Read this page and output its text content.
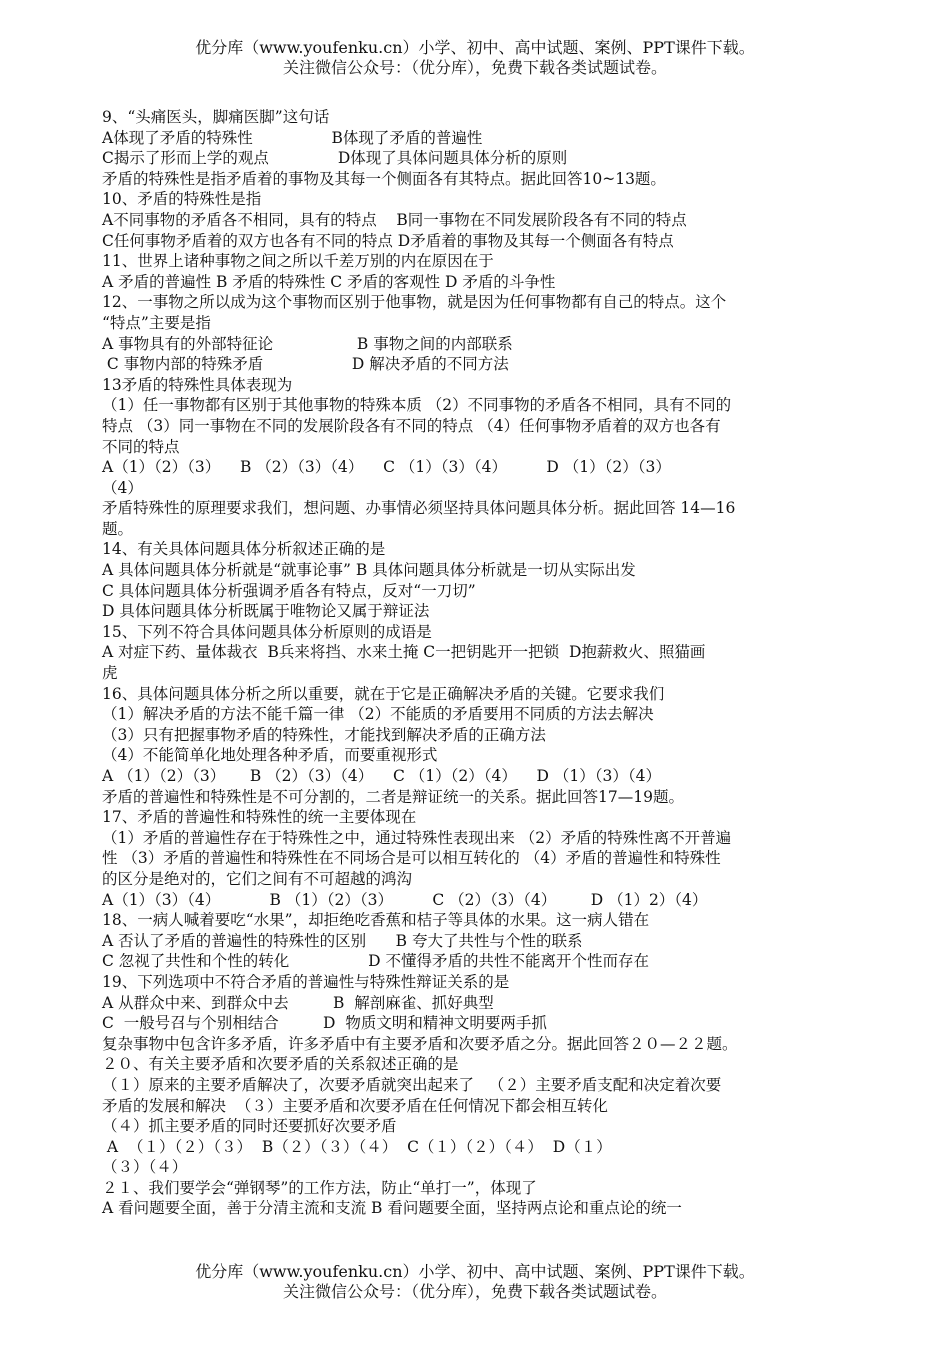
优分库（www.youfenku.cn）小学、初中、高中试题、案例、PPT课件下载。
关注微信公众号：（优分库），免费下载各类试题试卷。
9、“头痛医头，脚痛医脚”这句话
A体现了矛盾的特殊性                B体现了矛盾的普遍性
C揭示了形而上学的观点              D体现了具体问题具体分析的原则
矛盾的特殊性是指矛盾着的事物及其每一个侧面各有其特点。据此回答10~13题。
10、矛盾的特殊性是指
A不同事物的矛盾各不相同，具有的特点    B同一事物在不同发展阶段各有不同的特点
C任何事物矛盾着的双方也各有不同的特点 D矛盾着的事物及其每一个侧面各有特点
11、世界上诸种事物之间之所以千差万别的内在原因在于
A 矛盾的普遍性 B 矛盾的特殊性 C 矛盾的客观性 D 矛盾的斗争性
12、一事物之所以成为这个事物而区别于他事物，就是因为任何事物都有自己的特点。这个
“特点”主要是指
A 事物具有的外部特征论                 B 事物之间的内部联系
C 事物内部的特殊矛盾                  D 解决矛盾的不同方法
13矛盾的特殊性具体表现为
（1）任一事物都有区别于其他事物的特殊本质 （2）不同事物的矛盾各不相同，具有不同的
特点 （3）同一事物在不同的发展阶段各有不同的特点 （4）任何事物矛盾着的双方也各有
不同的特点
A（1）（2）（3）    B （2）（3）（4）    C （1）（3）（4）        D （1）（2）（3）
（4）
矛盾特殊性的原理要求我们，想问题、办事情必须坚持具体问题具体分析。据此回答 14—16
题。
14、有关具体问题具体分析叙述正确的是
A 具体问题具体分析就是“就事论事” B 具体问题具体分析就是一切从实际出发
C 具体问题具体分析强调矛盾各有特点，反对“一刀切”
D 具体问题具体分析既属于唯物论又属于辩证法
15、下列不符合具体问题具体分析原则的成语是
A 对症下药、量体裁衣  B兵来将挡、水来土掩 C一把钥匙开一把锁  D抱薪救火、照猫画
虎
16、具体问题具体分析之所以重要，就在于它是正确解决矛盾的关键。它要求我们
（1）解决矛盾的方法不能千篇一律 （2）不能质的矛盾要用不同质的方法去解决
（3）只有把握事物矛盾的特殊性，才能找到解决矛盾的正确方法
（4）不能简单化地处理各种矛盾，而要重视形式
A （1）（2）（3）     B （2）（3）（4）    C （1）（2）（4）    D （1）（3）（4）
矛盾的普遍性和特殊性是不可分割的，二者是辩证统一的关系。据此回答17—19题。
17、矛盾的普遍性和特殊性的统一主要体现在
（1）矛盾的普遍性存在于特殊性之中，通过特殊性表现出来 （2）矛盾的特殊性离不开普遍
性 （3）矛盾的普遍性和特殊性在不同场合是可以相互转化的 （4）矛盾的普遍性和特殊性
的区分是绝对的，它们之间有不可超越的鸿沟
A（1）（3）（4）          B （1）（2）（3）        C （2）（3）（4）       D （1）2）（4）
18、一病人喊着要吃“水果”，却拒绝吃香蕉和桔子等具体的水果。这一病人错在
A 否认了矛盾的普遍性的特殊性的区别      B 夸大了共性与个性的联系
C 忽视了共性和个性的转化                D 不懂得矛盾的共性不能离开个性而存在
19、下列选项中不符合矛盾的普遍性与特殊性辩证关系的是
A 从群众中来、到群众中去         B  解剖麻雀、抓好典型
C  一般号召与个别相结合         D  物质文明和精神文明要两手抓
复杂事物中包含许多矛盾，许多矛盾中有主要矛盾和次要矛盾之分。据此回答２０—２２题。
２０、有关主要矛盾和次要矛盾的关系叙述正确的是
（１）原来的主要矛盾解决了，次要矛盾就突出起来了   （２）主要矛盾支配和决定着次要
矛盾的发展和解决  （３）主要矛盾和次要矛盾在任何情况下都会相互转化
（４）抓主要矛盾的同时还要抓好次要矛盾
A  （１）（２）（３）  B（２）（３）（４）  C（１）（２）（４）  D（１）
（３）（４）
２１、我们要学会“弹钢琴”的工作方法，防止“单打一”，体现了
A 看问题要全面，善于分清主流和支流 B 看问题要全面，坚持两点论和重点论的统一
优分库（www.youfenku.cn）小学、初中、高中试题、案例、PPT课件下载。
关注微信公众号：（优分库），免费下载各类试题试卷。
